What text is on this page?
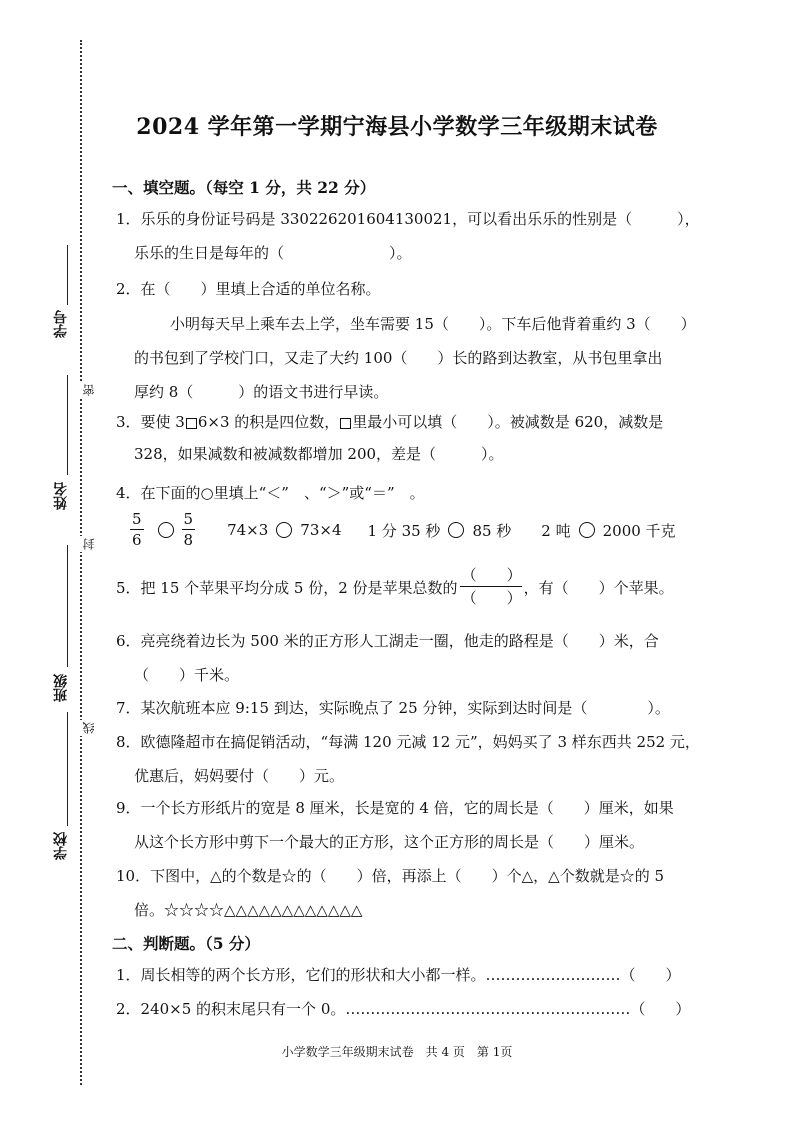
学号
姓名
班级
学校
密
封
线
2024 学年第一学期宁海县小学数学三年级期末试卷
一、填空题。（每空 1 分，共 22 分）
1．乐乐的身份证号码是 330226201604130021，可以看出乐乐的性别是（　　　），
乐乐的生日是每年的（　　　　　　　）。
2．在（　　）里填上合适的单位名称。
小明每天早上乘车去上学，坐车需要 15（　　）。下车后他背着重约 3（　　）
的书包到了学校门口，又走了大约 100（　　）长的路到达教室，从书包里拿出
厚约 8（　　　）的语文书进行早读。
3．要使 3 6×3 的积是四位数， 里最小可以填（　　）。被减数是 620，减数是
328，如果减数和被减数都增加 200，差是（　　　）。
4．在下面的○里填上“＜”　、“＞”或“＝”　。
$\frac{5}{6}$	$\frac{5}{8} 74\times 3$ 73×4 1 分 35 秒 85 秒 2 吨 2000 千克
5．把 15 个苹果平均分成 5 份，2 份是苹果总数的
（　　）
（　　）
，有（　　）个苹果。
6．亮亮绕着边长为 500 米的正方形人工湖走一圈，他走的路程是（　　）米，合
（　　）千米。
7．某次航班本应 9:15 到达，实际晚点了 25 分钟，实际到达时间是（　　　　）。
8．欧德隆超市在搞促销活动，“每满 120 元减 12 元”，妈妈买了 3 样东西共 252 元，
优惠后，妈妈要付（　　）元。
9．一个长方形纸片的宽是 8 厘米，长是宽的 4 倍，它的周长是（　　）厘米，如果
从这个长方形中剪下一个最大的正方形，这个正方形的周长是（　　）厘米。
10．下图中，△的个数是☆的（　　）倍，再添上（　　）个△，△个数就是☆的 5
倍。☆☆☆☆△△△△△△△△△△△△
二、判断题。（5 分）
1．周长相等的两个长方形，它们的形状和大小都一样。………………………（　　）
2．240×5 的积末尾只有一个 0。…………………………………………………（　　）
小学数学三年级期末试卷　共 4 页　第 1页
